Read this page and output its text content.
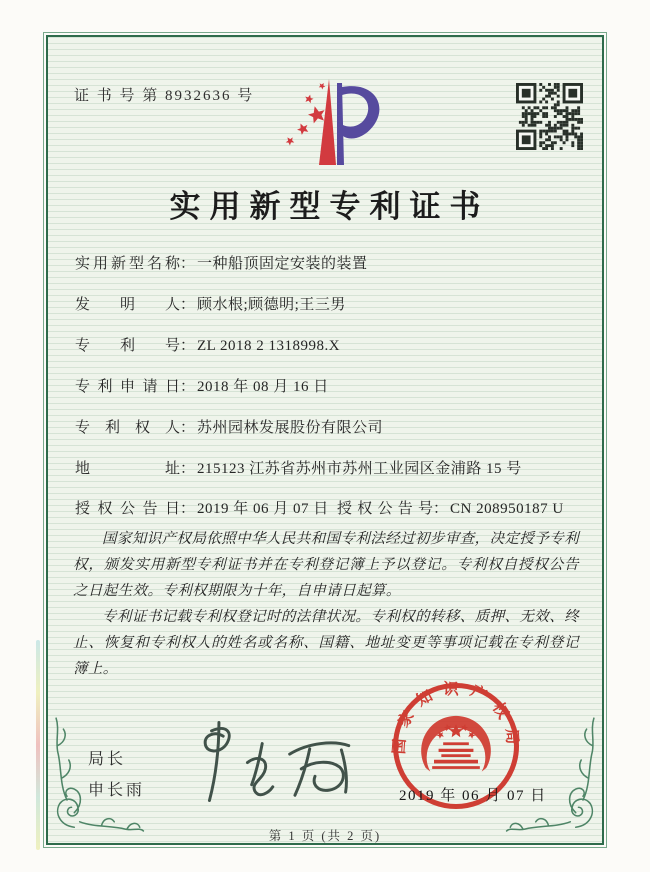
证 书 号 第 8932636 号
实用新型专利证书
实用新型名称： 一种船顶固定安装的装置
发明人： 顾水根;顾德明;王三男
专利号： ZL 2018 2 1318998.X
专利申请日： 2018 年 08 月 16 日
专利权人： 苏州园林发展股份有限公司
地址： 215123 江苏省苏州市苏州工业园区金浦路 15 号
授权公告日： 2019 年 06 月 07 日 授权公告号： CN 208950187 U

国家知识产权局依照中华人民共和国专利法经过初步审查，决定授予专利权，颁发实用新型专利证书并在专利登记簿上予以登记。专利权自授权公告之日起生效。专利权期限为十年，自申请日起算。

专利证书记载专利权登记时的法律状况。专利权的转移、质押、无效、终止、恢复和专利权人的姓名或名称、国籍、地址变更等事项记载在专利登记簿上。

局长
申长雨
国家知识产权局
2019 年 06 月 07 日
第 1 页 (共 2 页)
